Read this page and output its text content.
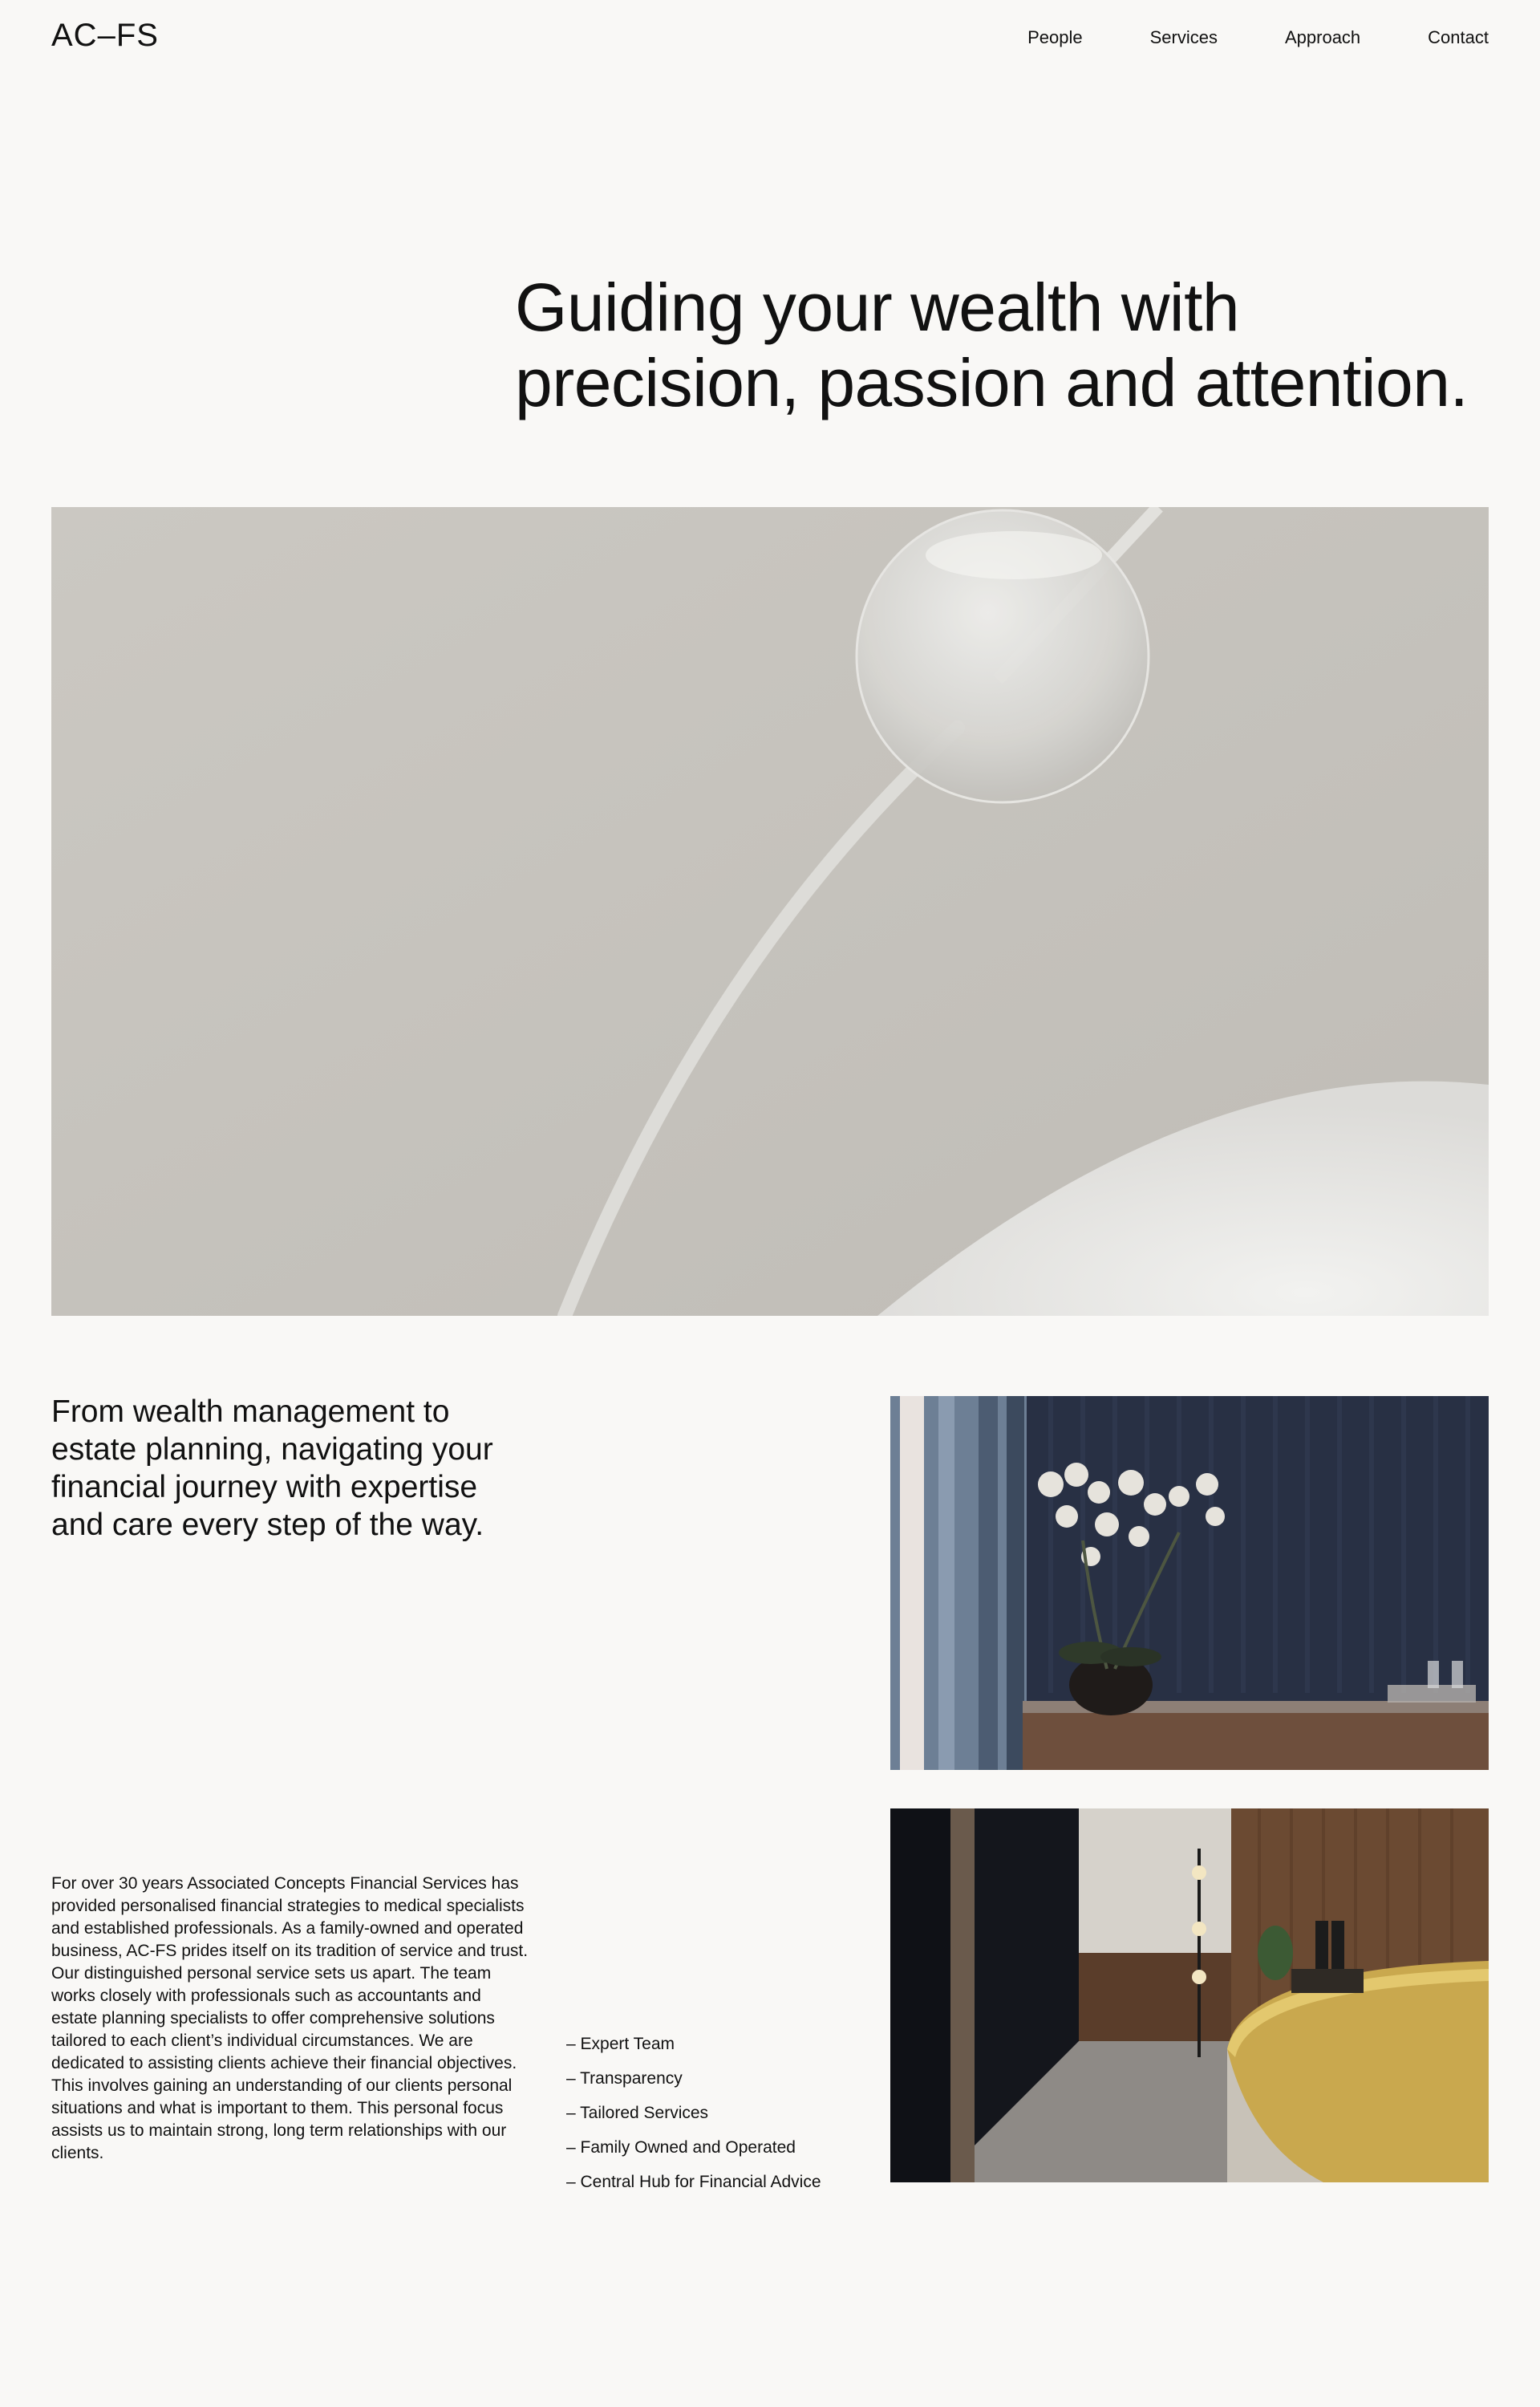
AC–FS	People	Services	Approach	Contact
Guiding your wealth with
precision, passion and attention.

From wealth management to estate planning, navigating your financial journey with expertise and care every step of the way.

For over 30 years Associated Concepts Financial Services has provided personalised financial strategies to medical specialists and established professionals. As a family-owned and operated business, AC-FS prides itself on its tradition of service and trust. Our distinguished personal service sets us apart. The team works closely with professionals such as accountants and estate planning specialists to offer comprehensive solutions tailored to each client’s individual circumstances. We are dedicated to assisting clients achieve their financial objectives. This involves gaining an understanding of our clients personal situations and what is important to them. This personal focus assists us to maintain strong, long term relationships with our clients.

– Expert Team
– Transparency
– Tailored Services
– Family Owned and Operated
– Central Hub for Financial Advice
